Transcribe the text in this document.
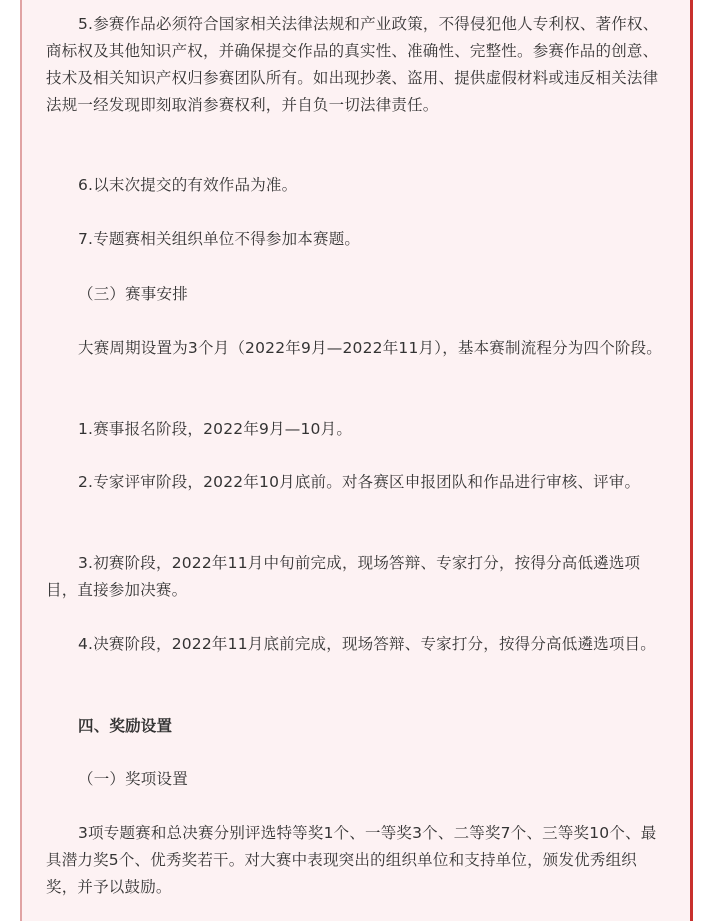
5.参赛作品必须符合国家相关法律法规和产业政策，不得侵犯他人专利权、著作权、商标权及其他知识产权，并确保提交作品的真实性、准确性、完整性。参赛作品的创意、技术及相关知识产权归参赛团队所有。如出现抄袭、盗用、提供虚假材料或违反相关法律法规一经发现即刻取消参赛权利，并自负一切法律责任。

6.以末次提交的有效作品为准。

7.专题赛相关组织单位不得参加本赛题。

（三）赛事安排

大赛周期设置为3个月（2022年9月—2022年11月），基本赛制流程分为四个阶段。

1.赛事报名阶段，2022年9月—10月。

2.专家评审阶段，2022年10月底前。对各赛区申报团队和作品进行审核、评审。

3.初赛阶段，2022年11月中旬前完成，现场答辩、专家打分，按得分高低遴选项目，直接参加决赛。

4.决赛阶段，2022年11月底前完成，现场答辩、专家打分，按得分高低遴选项目。

四、奖励设置

（一）奖项设置

3项专题赛和总决赛分别评选特等奖1个、一等奖3个、二等奖7个、三等奖10个、最具潜力奖5个、优秀奖若干。对大赛中表现突出的组织单位和支持单位，颁发优秀组织奖，并予以鼓励。
